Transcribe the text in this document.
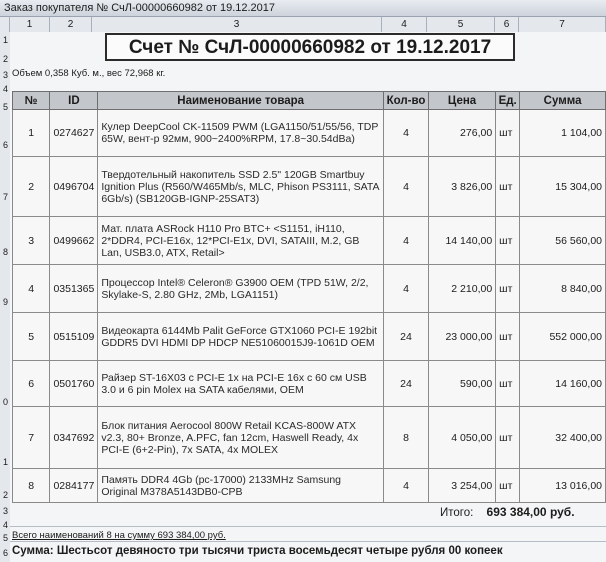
Заказ покупателя № СчЛ-00000660982 от 19.12.2017
1	2	3	4	5	6	7
1
2
3
4
5
6
7
8
9
0
1
2
3
4
5
6
Счет № СчЛ-00000660982 от 19.12.2017
Объем 0,358 Куб. м., вес 72,968 кг.
№	ID	Наименование товара	Кол-во	Цена	Ед.	Сумма
1	0274627	Кулер DeepCool CK-11509 PWM (LGA1150/51/55/56, TDP 65W, вент-р 92мм, 900~2400%RPM, 17.8~30.54dBa)	4	276,00	шт	1 104,00
2	0496704	Твердотельный накопитель SSD 2.5" 120GB Smartbuy Ignition Plus (R560/W465Mb/s, MLC, Phison PS3111, SATA 6Gb/s) (SB120GB-IGNP-25SAT3)	4	3 826,00	шт	15 304,00
3	0499662	Мат. плата ASRock H110 Pro BTC+ <S1151, iH110, 2*DDR4, PCI-E16x, 12*PCI-E1x, DVI, SATAIII, M.2, GB Lan, USB3.0, ATX, Retail>	4	14 140,00	шт	56 560,00
4	0351365	Процессор Intel® Celeron® G3900 OEM (TPD 51W, 2/2, Skylake-S, 2.80 GHz, 2Mb, LGA1151)	4	2 210,00	шт	8 840,00
5	0515109	Видеокарта 6144Mb Palit GeForce GTX1060 PCI-E 192bit GDDR5 DVI HDMI DP HDCP NE51060015J9-1061D OEM	24	23 000,00	шт	552 000,00
6	0501760	Райзер ST-16X03 с PCI-E 1x на PCI-E 16x с 60 см USB 3.0 и 6 pin Molex на SATA кабелями, OEM	24	590,00	шт	14 160,00
7	0347692	Блок питания Aerocool 800W Retail KCAS-800W ATX v2.3, 80+ Bronze, A.PFC, fan 12cm, Haswell Ready, 4x PCI-E (6+2-Pin), 7x SATA, 4x MOLEX	8	4 050,00	шт	32 400,00
8	0284177	Память DDR4 4Gb (pc-17000) 2133MHz Samsung Original M378A5143DB0-CPB	4	3 254,00	шт	13 016,00
Итого: 693 384,00 руб.
Всего наименований 8 на сумму 693 384,00 руб.
Сумма: Шестьсот девяносто три тысячи триста восемьдесят четыре рубля 00 копеек
